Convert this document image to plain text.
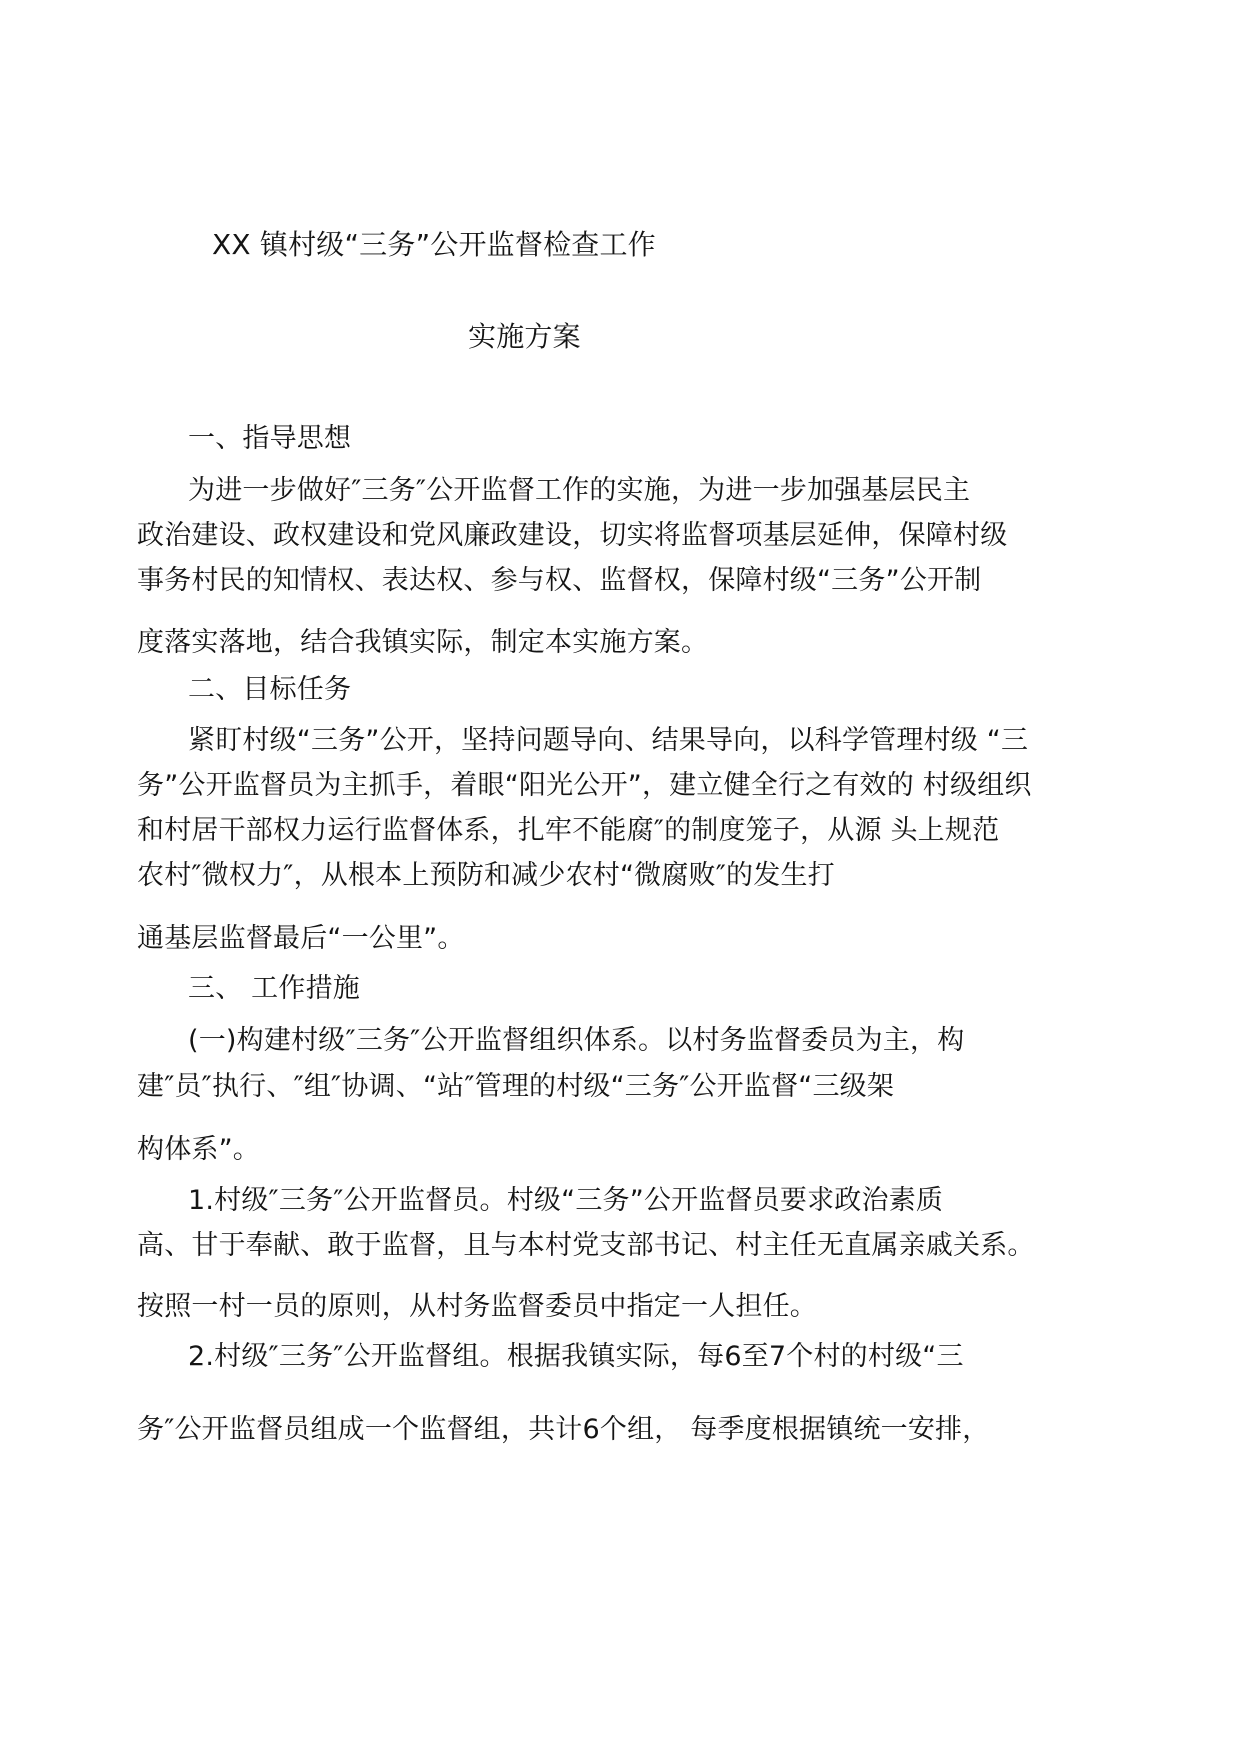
XX 镇村级“三务”公开监督检查工作
实施方案
一、指导思想
为进一步做好″三务″公开监督工作的实施，为进一步加强基层民主
政治建设、政权建设和党风廉政建设，切实将监督项基层延伸，保障村级
事务村民的知情权、表达权、参与权、监督权，保障村级“三务”公开制
度落实落地，结合我镇实际，制定本实施方案。
二、目标任务
紧盯村级“三务”公开，坚持问题导向、结果导向，以科学管理村级 “三
务”公开监督员为主抓手，着眼“阳光公开”，建立健全行之有效的 村级组织
和村居干部权力运行监督体系，扎牢不能腐″的制度笼子，从源 头上规范
农村″微权力″，从根本上预防和减少农村“微腐败″的发生打
通基层监督最后“一公里”。
三、 工作措施
(一)构建村级″三务″公开监督组织体系。以村务监督委员为主，构
建″员″执行、″组″协调、“站″管理的村级“三务″公开监督“三级架
构体系”。
1.村级″三务″公开监督员。村级“三务”公开监督员要求政治素质
高、甘于奉献、敢于监督，且与本村党支部书记、村主任无直属亲戚关系。
按照一村一员的原则，从村务监督委员中指定一人担任。
2.村级″三务″公开监督组。根据我镇实际，每6至7个村的村级“三
务″公开监督员组成一个监督组，共计6个组， 每季度根据镇统一安排，
